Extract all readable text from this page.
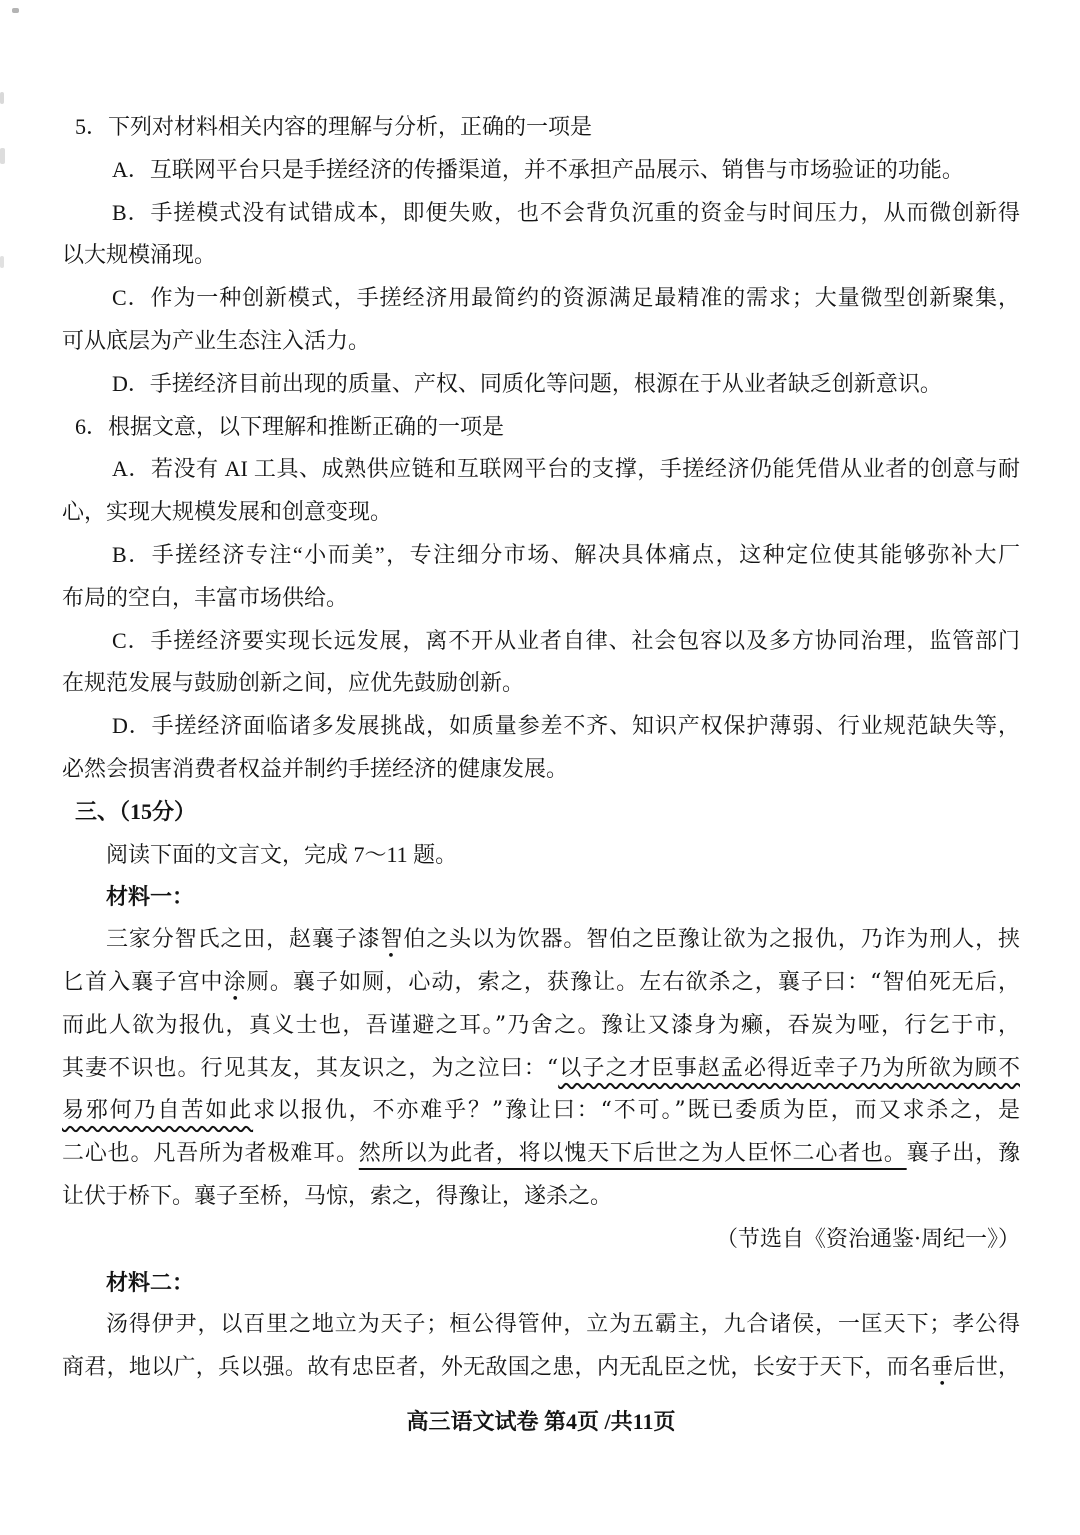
5．下列对材料相关内容的理解与分析，正确的一项是
A．互联网平台只是手搓经济的传播渠道，并不承担产品展示、销售与市场验证的功能。
B．手搓模式没有试错成本，即便失败，也不会背负沉重的资金与时间压力，从而微创新得
以大规模涌现。
C．作为一种创新模式，手搓经济用最简约的资源满足最精准的需求；大量微型创新聚集，
可从底层为产业生态注入活力。
D．手搓经济目前出现的质量、产权、同质化等问题，根源在于从业者缺乏创新意识。
6．根据文意，以下理解和推断正确的一项是
A．若没有 AI 工具、成熟供应链和互联网平台的支撑，手搓经济仍能凭借从业者的创意与耐
心，实现大规模发展和创意变现。
B．手搓经济专注“小而美”，专注细分市场、解决具体痛点，这种定位使其能够弥补大厂
布局的空白，丰富市场供给。
C．手搓经济要实现长远发展，离不开从业者自律、社会包容以及多方协同治理，监管部门
在规范发展与鼓励创新之间，应优先鼓励创新。
D．手搓经济面临诸多发展挑战，如质量参差不齐、知识产权保护薄弱、行业规范缺失等，
必然会损害消费者权益并制约手搓经济的健康发展。
三、（15分）
阅读下面的文言文，完成 7～11 题。
材料一：
三家分智氏之田，赵襄子漆智伯之头以为饮器。智伯之臣豫让欲为之报仇，乃诈为刑人，挟
匕首入襄子宫中涂厕。襄子如厕，心动，索之，获豫让。左右欲杀之，襄子曰：“智伯死无后，
而此人欲为报仇，真义士也，吾谨避之耳。”乃舍之。豫让又漆身为癞，吞炭为哑，行乞于市，
其妻不识也。行见其友，其友识之，为之泣曰：“以子之才臣事赵孟必得近幸子乃为所欲为顾不
易邪何乃自苦如此求以报仇，不亦难乎？”豫让曰：“不可。”既已委质为臣，而又求杀之，是
二心也。凡吾所为者极难耳。然所以为此者，将以愧天下后世之为人臣怀二心者也。襄子出，豫
让伏于桥下。襄子至桥，马惊，索之，得豫让，遂杀之。
（节选自《资治通鉴·周纪一》）
材料二：
汤得伊尹，以百里之地立为天子；桓公得管仲，立为五霸主，九合诸侯，一匡天下；孝公得
商君，地以广，兵以强。故有忠臣者，外无敌国之患，内无乱臣之忧，长安于天下，而名垂后世，
高三语文试卷 第4页 /共11页
